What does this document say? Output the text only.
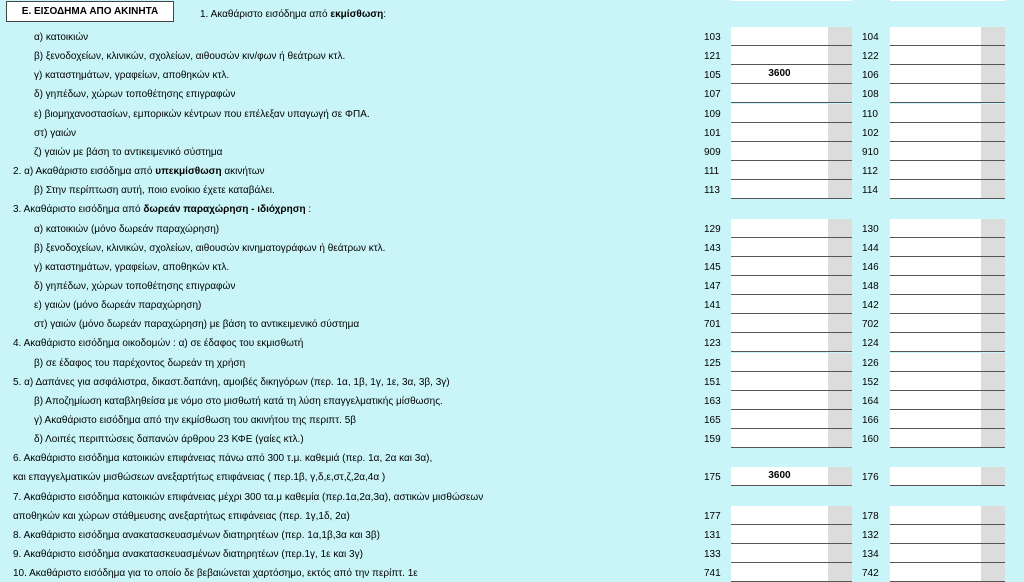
Ε. ΕΙΣΟΔΗΜΑ ΑΠΟ ΑΚΙΝΗΤΑ	1. Ακαθάριστο εισόδημα από εκμίσθωση:
α) κατοικιών	103	104
β) ξενοδοχείων, κλινικών, σχολείων, αιθουσών κιν/φων ή θεάτρων κτλ.	121	122
γ) καταστημάτων, γραφείων, αποθηκών κτλ.	105	3600	106
δ) γηπέδων, χώρων τοποθέτησης επιγραφών	107	108
ε) βιομηχανοστασίων, εμπορικών κέντρων που επέλεξαν υπαγωγή σε ΦΠΑ.	109	110
στ) γαιών	101	102
ζ) γαιών με βάση το αντικειμενικό σύστημα	909	910
2. α) Ακαθάριστο εισόδημα από υπεκμίσθωση ακινήτων	111	112
β) Στην περίπτωση αυτή, ποιο ενοίκιο έχετε καταβάλει.	113	114
3. Ακαθάριστο εισόδημα από δωρεάν παραχώρηση - ιδιόχρηση :
α) κατοικιών (μόνο δωρεάν παραχώρηση)	129	130
β) ξενοδοχείων, κλινικών, σχολείων, αιθουσών κινηματογράφων ή θεάτρων κτλ.	143	144
γ) καταστημάτων, γραφείων, αποθηκών κτλ.	145	146
δ) γηπέδων, χώρων τοποθέτησης επιγραφών	147	148
ε) γαιών (μόνο δωρεάν παραχώρηση)	141	142
στ) γαιών (μόνο δωρεάν παραχώρηση) με βάση το αντικειμενικό σύστημα	701	702
4. Ακαθάριστο εισόδημα οικοδομών : α) σε έδαφος του εκμισθωτή	123	124
β) σε έδαφος του παρέχοντος δωρεάν τη χρήση	125	126
5. α) Δαπάνες για ασφάλιστρα, δικαστ.δαπάνη, αμοιβές δικηγόρων (περ. 1α, 1β, 1γ, 1ε, 3α, 3β, 3γ)	151	152
β) Αποζημίωση καταβληθείσα με νόμο στο μισθωτή κατά τη λύση επαγγελματικής μίσθωσης.	163	164
γ) Ακαθάριστο εισόδημα από την εκμίσθωση του ακινήτου της περιπτ. 5β	165	166
δ) Λοιπές περιπτώσεις δαπανών άρθρου 23 ΚΦΕ (γαίες κτλ.)	159	160
6. Ακαθάριστο εισόδημα κατοικιών επιφάνειας πάνω από 300 τ.μ. καθεμιά (περ. 1α, 2α και 3α),
και επαγγελματικών μισθώσεων ανεξαρτήτως επιφάνειας ( περ.1β, γ,δ,ε,στ,ζ,2α,4α )	175	3600	176
7. Ακαθάριστο εισόδημα κατοικιών επιφάνειας μέχρι 300 τα.μ καθεμία (περ.1α,2α,3α), αστικών μισθώσεων
αποθηκών και χώρων στάθμευσης ανεξαρτήτως επιφάνειας (περ. 1γ,1δ, 2α)	177	178
8. Ακαθάριστο εισόδημα ανακατασκευασμένων διατηρητέων (περ. 1α,1β,3α και 3β)	131	132
9. Ακαθάριστο εισόδημα ανακατασκευασμένων διατηρητέων (περ.1γ, 1ε και 3γ)	133	134
10. Ακαθάριστο εισόδημα για το οποίο δε βεβαιώνεται χαρτόσημο, εκτός από την περίπτ. 1ε	741	742
